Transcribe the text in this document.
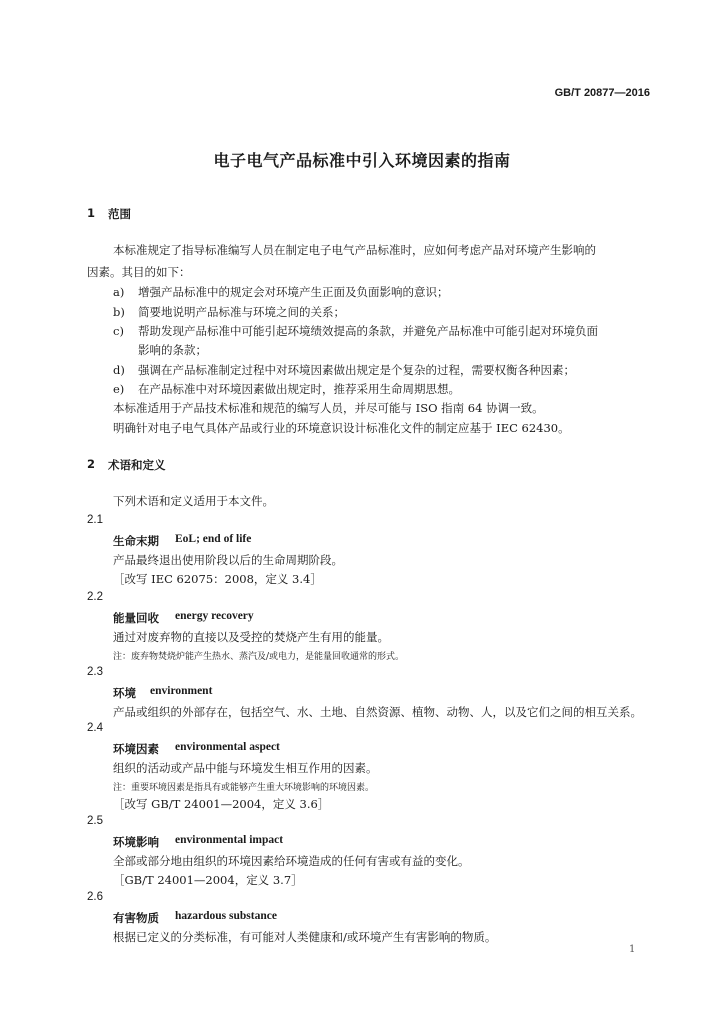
GB/T 20877—2016
电子电气产品标准中引入环境因素的指南
1 范围
本标准规定了指导标准编写人员在制定电子电气产品标准时，应如何考虑产品对环境产生影响的
因素。其目的如下：
a) 增强产品标准中的规定会对环境产生正面及负面影响的意识；
b) 简要地说明产品标准与环境之间的关系；
c) 帮助发现产品标准中可能引起环境绩效提高的条款，并避免产品标准中可能引起对环境负面
影响的条款；
d) 强调在产品标准制定过程中对环境因素做出规定是个复杂的过程，需要权衡各种因素；
e) 在产品标准中对环境因素做出规定时，推荐采用生命周期思想。
本标准适用于产品技术标准和规范的编写人员，并尽可能与 ISO 指南 64 协调一致。
明确针对电子电气具体产品或行业的环境意识设计标准化文件的制定应基于 IEC 62430。
2 术语和定义
下列术语和定义适用于本文件。
2.1
生命末期 EoL; end of life
产品最终退出使用阶段以后的生命周期阶段。
［改写 IEC 62075：2008，定义 3.4］
2.2
能量回收 energy recovery
通过对废弃物的直接以及受控的焚烧产生有用的能量。
注：废弃物焚烧炉能产生热水、蒸汽及/或电力，是能量回收通常的形式。
2.3
环境 environment
产品或组织的外部存在，包括空气、水、土地、自然资源、植物、动物、人，以及它们之间的相互关系。
2.4
环境因素 environmental aspect
组织的活动或产品中能与环境发生相互作用的因素。
注：重要环境因素是指具有或能够产生重大环境影响的环境因素。
［改写 GB/T 24001—2004，定义 3.6］
2.5
环境影响 environmental impact
全部或部分地由组织的环境因素给环境造成的任何有害或有益的变化。
［GB/T 24001—2004，定义 3.7］
2.6
有害物质 hazardous substance
根据已定义的分类标准，有可能对人类健康和/或环境产生有害影响的物质。
1
